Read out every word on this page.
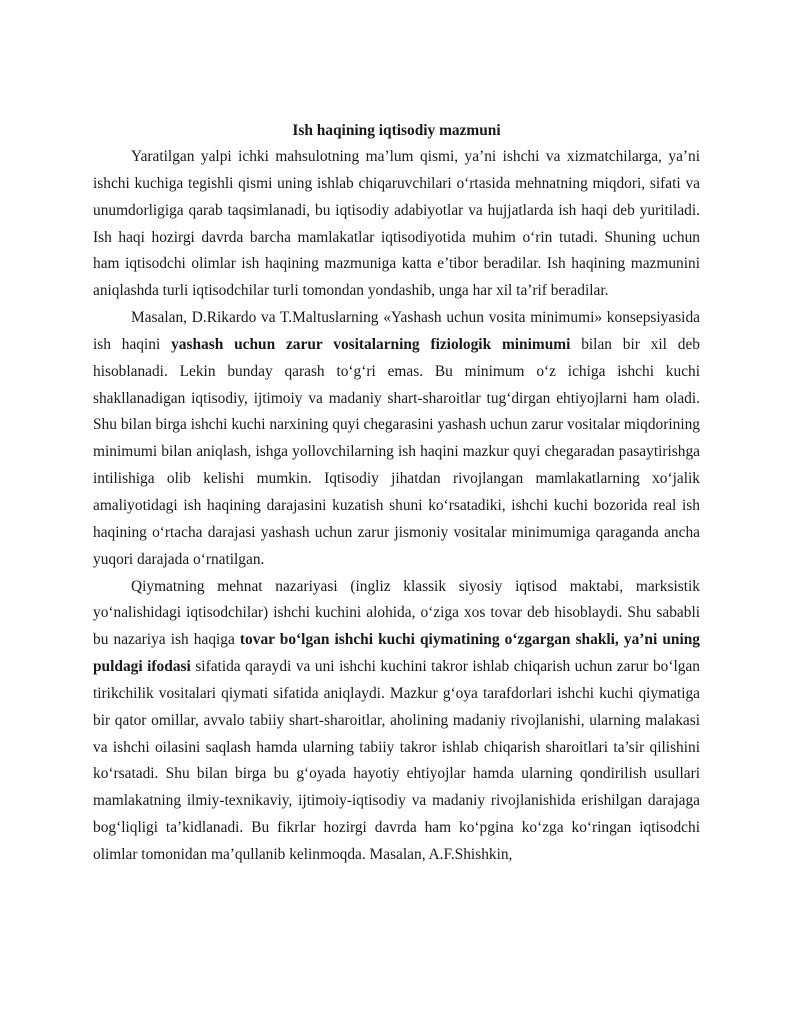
Ish haqining iqtisodiy mazmuni

Yaratilgan yalpi ichki mahsulotning ma’lum qismi, ya’ni ishchi va xizmatchilarga, ya’ni ishchi kuchiga tegishli qismi uning ishlab chiqaruvchilari o‘rtasida mehnatning miqdori, sifati va unumdorligiga qarab taqsimlanadi, bu iqtisodiy adabiyotlar va hujjatlarda ish haqi deb yuritiladi. Ish haqi hozirgi davrda barcha mamlakatlar iqtisodiyotida muhim o‘rin tutadi. Shuning uchun ham iqtisodchi olimlar ish haqining mazmuniga katta e’tibor beradilar. Ish haqining mazmunini aniqlashda turli iqtisodchilar turli tomondan yondashib, unga har xil ta’rif beradilar.

Masalan, D.Rikardo va T.Maltuslarning «Yashash uchun vosita minimumi» konsepsiyasida ish haqini yashash uchun zarur vositalarning fiziologik minimumi bilan bir xil deb hisoblanadi. Lekin bunday qarash to‘g‘ri emas. Bu minimum o‘z ichiga ishchi kuchi shakllanadigan iqtisodiy, ijtimoiy va madaniy shart-sharoitlar tug‘dirgan ehtiyojlarni ham oladi. Shu bilan birga ishchi kuchi narxining quyi chegarasini yashash uchun zarur vositalar miqdorining minimumi bilan aniqlash, ishga yollovchilarning ish haqini mazkur quyi chegaradan pasaytirishga intilishiga olib kelishi mumkin. Iqtisodiy jihatdan rivojlangan mamlakatlarning xo‘jalik amaliyotidagi ish haqining darajasini kuzatish shuni ko‘rsatadiki, ishchi kuchi bozorida real ish haqining o‘rtacha darajasi yashash uchun zarur jismoniy vositalar minimumiga qaraganda ancha yuqori darajada o‘rnatilgan.

Qiymatning mehnat nazariyasi (ingliz klassik siyosiy iqtisod maktabi, marksistik yo‘nalishidagi iqtisodchilar) ishchi kuchini alohida, o‘ziga xos tovar deb hisoblaydi. Shu sababli bu nazariya ish haqiga tovar bo‘lgan ishchi kuchi qiymatining o‘zgargan shakli, ya’ni uning puldagi ifodasi sifatida qaraydi va uni ishchi kuchini takror ishlab chiqarish uchun zarur bo‘lgan tirikchilik vositalari qiymati sifatida aniqlaydi. Mazkur g‘oya tarafdorlari ishchi kuchi qiymatiga bir qator omillar, avvalo tabiiy shart-sharoitlar, aholining madaniy rivojlanishi, ularning malakasi va ishchi oilasini saqlash hamda ularning tabiiy takror ishlab chiqarish sharoitlari ta’sir qilishini ko‘rsatadi. Shu bilan birga bu g‘oyada hayotiy ehtiyojlar hamda ularning qondirilish usullari mamlakatning ilmiy-texnikaviy, ijtimoiy-iqtisodiy va madaniy rivojlanishida erishilgan darajaga bog‘liqligi ta’kidlanadi. Bu fikrlar hozirgi davrda ham ko‘pgina ko‘zga ko‘ringan iqtisodchi olimlar tomonidan ma’qullanib kelinmoqda. Masalan, A.F.Shishkin,
